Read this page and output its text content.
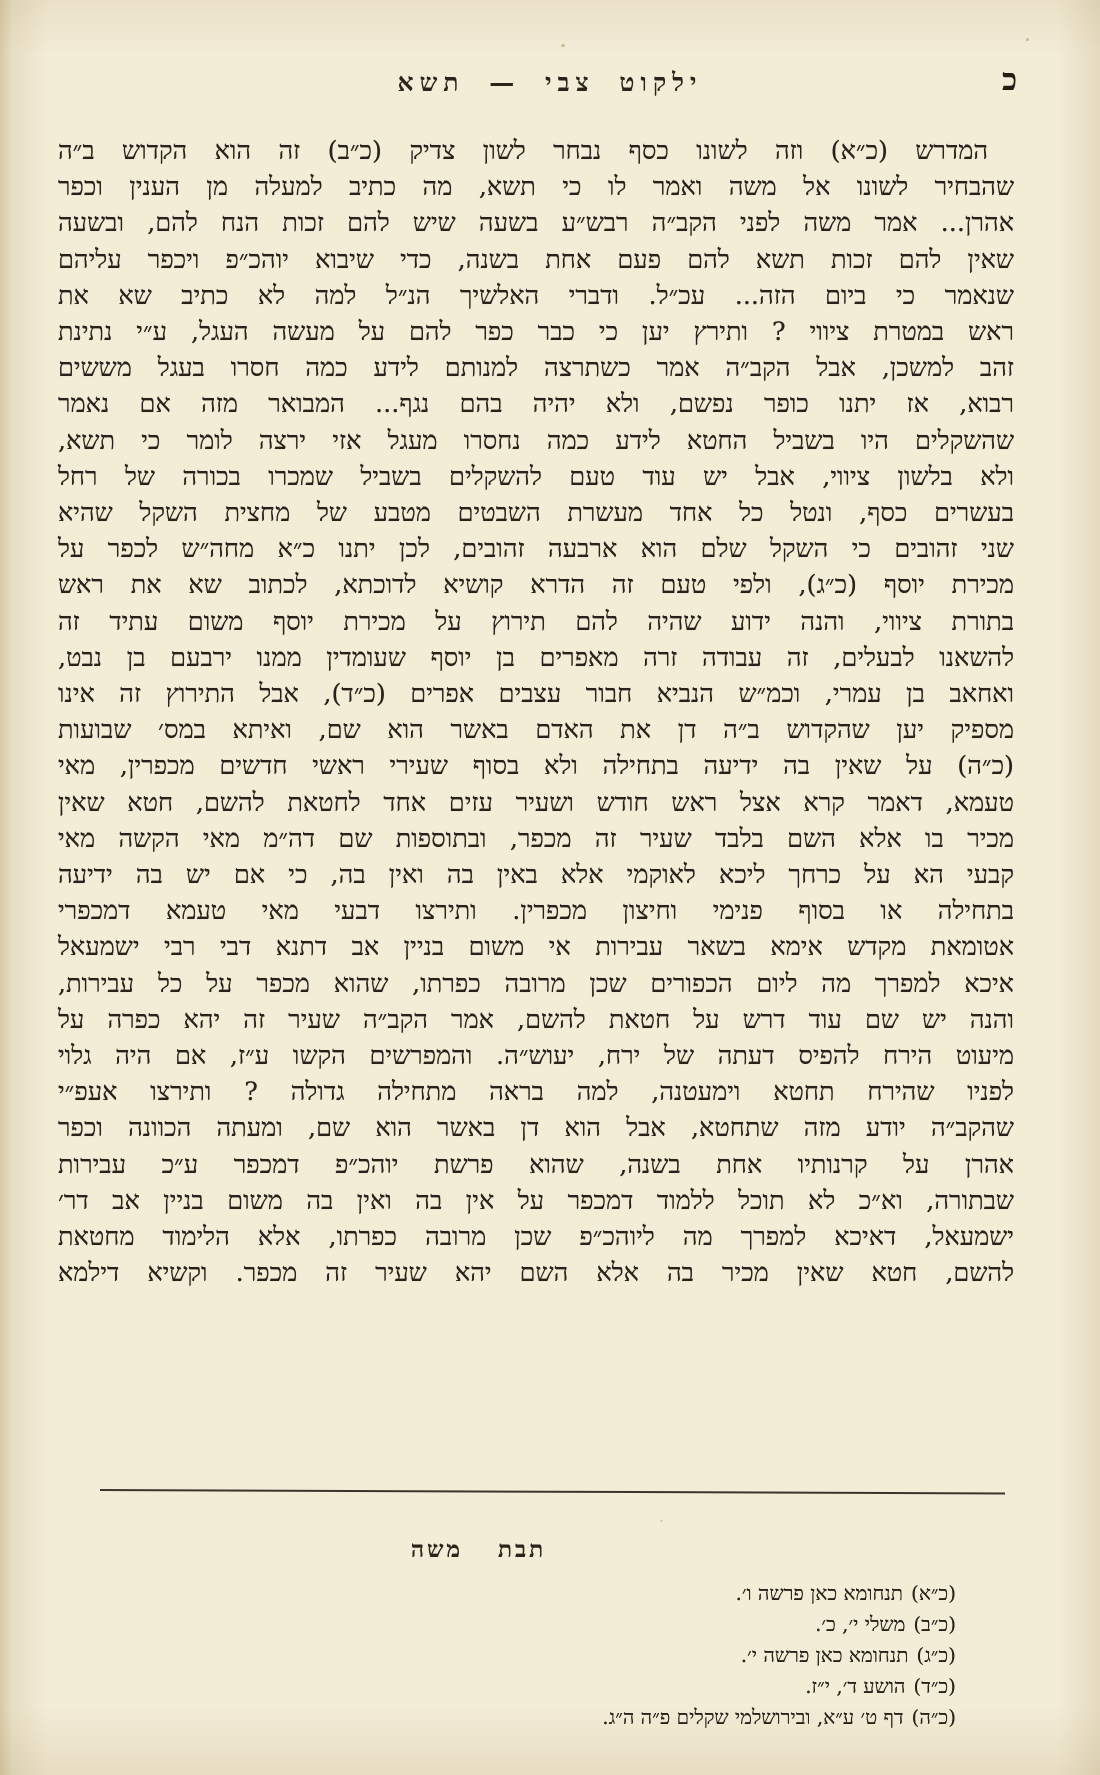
ילקוט צבי — תשא	כ
המדרש (כ״א) וזה לשונו כסף נבחר לשון צדיק (כ״ב) זה הוא הקדוש ב״ה
שהבחיר לשונו אל משה ואמר לו כי תשא, מה כתיב למעלה מן הענין וכפר
אהרן... אמר משה לפני הקב״ה רבש״ע בשעה שיש להם זכות הנח להם, ובשעה
שאין להם זכות תשא להם פעם אחת בשנה, כדי שיבוא יוהכ״פ ויכפר עליהם
שנאמר כי ביום הזה... עכ״ל. ודברי האלשיך הנ״ל למה לא כתיב שא את
ראש במטרת ציווי ? ותירץ יען כי כבר כפר להם על מעשה העגל, ע״י נתינת
זהב למשכן, אבל הקב״ה אמר כשתרצה למנותם לידע כמה חסרו בעגל מששים
רבוא, אז יתנו כופר נפשם, ולא יהיה בהם נגף... המבואר מזה אם נאמר
שהשקלים היו בשביל החטא לידע כמה נחסרו מעגל אזי ירצה לומר כי תשא,
ולא בלשון ציווי, אבל יש עוד טעם להשקלים בשביל שמכרו בכורה של רחל
בעשרים כסף, ונטל כל אחד מעשרת השבטים מטבע של מחצית השקל שהיא
שני זהובים כי השקל שלם הוא ארבעה זהובים, לכן יתנו כ״א מחה״ש לכפר על
מכירת יוסף (כ״ג), ולפי טעם זה הדרא קושיא לדוכתא, לכתוב שא את ראש
בתורת ציווי, והנה ידוע שהיה להם תירוץ על מכירת יוסף משום עתיד זה
להשאנו לבעלים, זה עבודה זרה מאפרים בן יוסף שעומדין ממנו ירבעם בן נבט,
ואחאב בן עמרי, וכמ״ש הנביא חבור עצבים אפרים (כ״ד), אבל התירוץ זה אינו
מספיק יען שהקדוש ב״ה דן את האדם באשר הוא שם, ואיתא במס׳ שבועות
(כ״ה) על שאין בה ידיעה בתחילה ולא בסוף שעירי ראשי חדשים מכפרין, מאי
טעמא, דאמר קרא אצל ראש חודש ושעיר עזים אחד לחטאת להשם, חטא שאין
מכיר בו אלא השם בלבד שעיר זה מכפר, ובתוספות שם דה״מ מאי הקשה מאי
קבעי הא על כרחך ליכא לאוקמי אלא באין בה ואין בה, כי אם יש בה ידיעה
בתחילה או בסוף פנימי וחיצון מכפרין. ותירצו דבעי מאי טעמא דמכפרי
אטומאת מקדש אימא בשאר עבירות אי משום בניין אב דתנא דבי רבי ישמעאל
איכא למפרך מה ליום הכפורים שכן מרובה כפרתו, שהוא מכפר על כל עבירות,
והנה יש שם עוד דרש על חטאת להשם, אמר הקב״ה שעיר זה יהא כפרה על
מיעוט הירח להפיס דעתה של ירח, יעוש״ה. והמפרשים הקשו ע״ז, אם היה גלוי
לפניו שהירח תחטא וימעטנה, למה בראה מתחילה גדולה ? ותירצו אעפ״י
שהקב״ה יודע מזה שתחטא, אבל הוא דן באשר הוא שם, ומעתה הכוונה וכפר
אהרן על קרנותיו אחת בשנה, שהוא פרשת יוהכ״פ דמכפר ע״כ עבירות
שבתורה, וא״כ לא תוכל ללמוד דמכפר על אין בה ואין בה משום בניין אב דר׳
ישמעאל, דאיכא למפרך מה ליוהכ״פ שכן מרובה כפרתו, אלא הלימוד מחטאת
להשם, חטא שאין מכיר בה אלא השם יהא שעיר זה מכפר. וקשיא דילמא
תבת משה
(כ״א)תנחומא כאן פרשה ו׳.
(כ״ב)משלי י׳, כ׳.
(כ״ג)תנחומא כאן פרשה י׳.
(כ״ד)הושע ד׳, י״ז.
(כ״ה)דף ט׳ ע״א, ובירושלמי שקלים פ״ה ה״ג.
